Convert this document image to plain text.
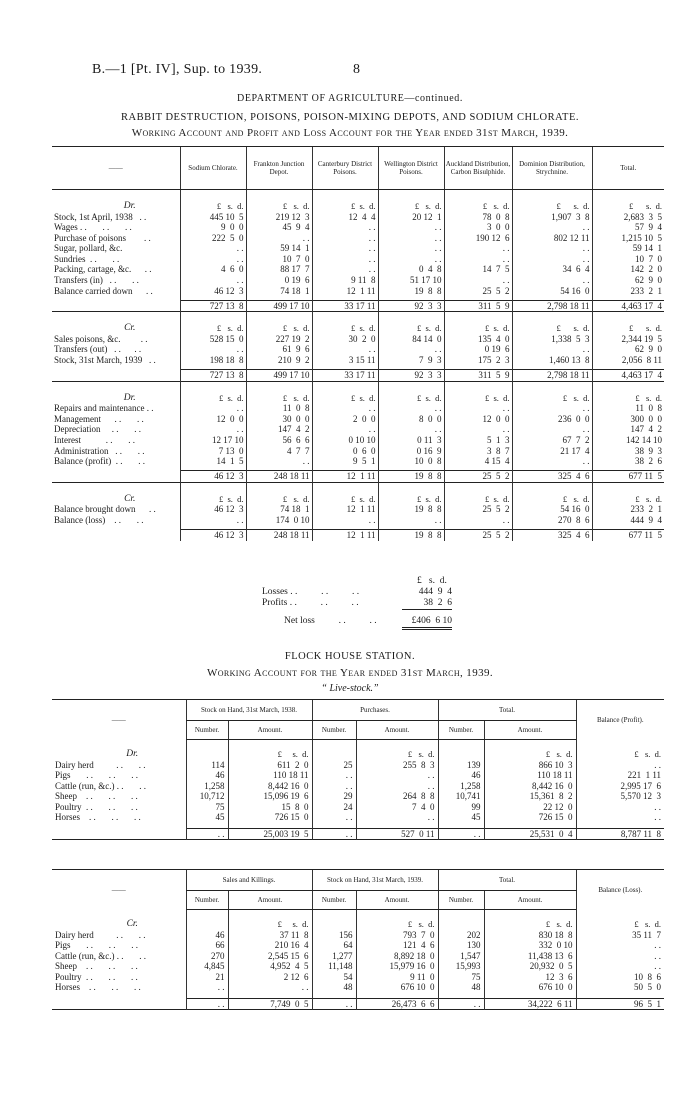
B.—1 [Pt. IV], Sup. to 1939.	8
DEPARTMENT OF AGRICULTURE—continued.
RABBIT DESTRUCTION, POISONS, POISON-MIXING DEPOTS, AND SODIUM CHLORATE.
Working Account and Profit and Loss Account for the Year ended 31st March, 1939.
——	Sodium Chlorate.	Frankton Junction Depot.	Canterbury District Poisons.	Wellington District Poisons.	Auckland Distribution, Carbon Bisulphide.	Dominion Distribution, Strychnine.	Total.
Dr.	£   s.  d.	£   s.  d.	£  s.  d.	£   s.  d.	£   s.  d.	£      s.  d.	£      s.  d.
Stock, 1st April, 1938   . .	445 10  5	219 12  3	12  4  4	20 12  1	78  0  8	1,907  3  8	2,683  3  5
Wages . .       . .       . .	9  0  0	45  9  4	. .	. .	3  0  0	. .	57  9  4
Purchase of poisons        . .	222  5  0	. .	. .	. .	190 12  6	802 12 11	1,215 10  5
Sugar, pollard, &c.	. .	59 14  1	. .	. .	. .	. .	59 14  1
Sundries  . .       . .	. .	10  7  0	. .	. .	. .	. .	10  7  0
Packing, cartage, &c.      . .	4  6  0	88 17  7	. .	0  4  8	14  7  5	34  6  4	142  2  0
Transfers (in)   . .       . .	. .	0 19  6	9 11  8	51 17 10	. .	. .	62  9  0
Balance carried down      . .	46 12  3	74 18  1	12  1 11	19  8  8	25  5  2	54 16  0	233  2  1

	727 13  8	499 17 10	33 17 11	92  3  3	311  5  9	2,798 18 11	4,463 17  4
Cr.	£   s.  d.	£   s.  d.	£  s.  d.	£  s.  d.	£  s.  d.	£      s.  d.	£      s.  d.
Sales poisons, &c.         . .	528 15  0	227 19  2	30  2  0	84 14  0	135  4  0	1,338  5  3	2,344 19  5
Transfers (out)   . .      . .	. .	61  9  6	. .	. .	0 19  6	. .	62  9  0
Stock, 31st March, 1939   . .	198 18  8	210  9  2	3 15 11	7  9  3	175  2  3	1,460 13  8	2,056  8 11

	727 13  8	499 17 10	33 17 11	92  3  3	311  5  9	2,798 18 11	4,463 17  4
Dr.	£  s.  d.	£   s.  d.	£  s.  d.	£  s.  d.	£  s.  d.	£   s.  d.	£   s.  d.
Repairs and maintenance . .	. .	11  0  8	. .	. .	. .	. .	11  0  8
Management      . .       . .	12  0  0	30  0  0	2  0  0	8  0  0	12  0  0	236  0  0	300  0  0
Depreciation     . .       . .	. .	147  4  2	. .	. .	. .	. .	147  4  2
Interest           . .       . .	12 17 10	56  6  6	0 10 10	0 11  3	5  1  3	67  7  2	142 14 10
Administration   . .       . .	7 13  0	4  7  7	0  6  0	0 16  9	3  8  7	21 17  4	38  9  3
Balance (profit)  . .       . .	14  1  5	. .	9  5  1	10  0  8	4 15  4	. .	38  2  6

	46 12  3	248 18 11	12  1 11	19  8  8	25  5  2	325  4  6	677 11  5
Cr.	£  s.  d.	£   s.  d.	£  s.  d.	£  s.  d.	£  s.  d.	£   s.  d.	£   s.  d.
Balance brought down      . .	46 12  3	74 18  1	12  1 11	19  8  8	25  5  2	54 16  0	233  2  1
Balance (loss)    . .       . .	. .	174  0 10	. .	. .	. .	270  8  6	444  9  4

	46 12  3	248 18 11	12  1 11	19  8  8	25  5  2	325  4  6	677 11  5
£   s.  d.
Losses . .          . .          . .	444  9  4
Profits . .          . .          . .	38  2  6
Net loss          . .          . .	£406  6 10
FLOCK HOUSE STATION.
Working Account for the Year ended 31st March, 1939.
“ Live-stock.”
——	Stock on Hand, 31st March, 1938.		Purchases.		Total.		Balance (Profit).
	Number.	Amount.	Number.	Amount.	Number.	Amount.	
Dr.		£     s.  d.		£   s.  d.		£   s.  d.	£   s.  d.
Dairy herd          . .       . .	114	611  2  0	25	255  8  3	139	866 10  3	. .
Pigs       . .       . .       . .	46	110 18 11	. .	. .	46	110 18 11	221  1 11
Cattle (run, &c.) . .       . .	1,258	8,442 16  0	. .	. .	1,258	8,442 16  0	2,995 17  6
Sheep    . .       . .       . .	10,712	15,096 19  6	29	264  8  8	10,741	15,361  8  2	5,570 12  3
Poultry  . .       . .       . .	75	15  8  0	24	7  4  0	99	22 12  0	. .
Horses    . .       . .       . .	45	726 15  0	. .	. .	45	726 15  0	. .

	. .	25,003 19  5	. .	527  0 11	. .	25,531  0  4	8,787 11  8

——	Sales and Killings.		Stock on Hand, 31st March, 1939.		Total.		Balance (Loss).
	Number.	Amount.	Number.	Amount.	Number.	Amount.	
Cr.		£     s.  d.		£   s.  d.		£   s.  d.	£   s.  d.
Dairy herd          . .       . .	46	37 11  8	156	793  7  0	202	830 18  8	35 11  7
Pigs       . .       . .       . .	66	210 16  4	64	121  4  6	130	332  0 10	. .
Cattle (run, &c.) . .       . .	270	2,545 15  6	1,277	8,892 18  0	1,547	11,438 13  6	. .
Sheep    . .       . .       . .	4,845	4,952  4  5	11,148	15,979 16  0	15,993	20,932  0  5	. .
Poultry  . .       . .       . .	21	2 12  6	54	9 11  0	75	12  3  6	10  8  6
Horses    . .       . .       . .	. .	. .	48	676 10  0	48	676 10  0	50  5  0

	. .	7,749  0  5	. .	26,473  6  6	. .	34,222  6 11	96  5  1
